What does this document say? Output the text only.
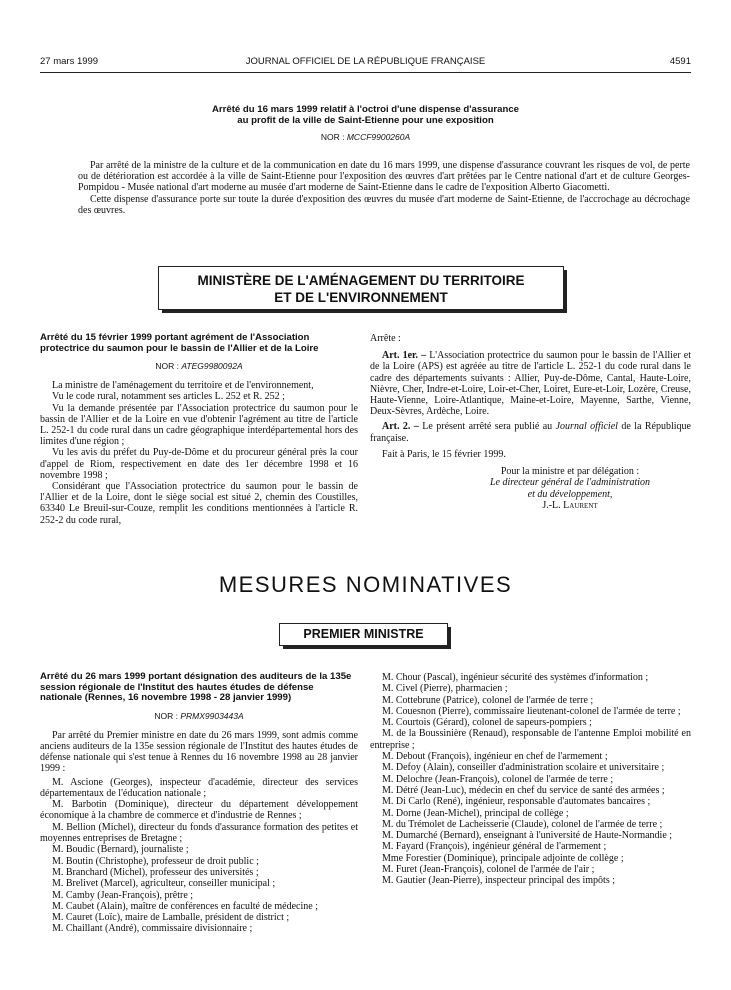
27 mars 1999	JOURNAL OFFICIEL DE LA RÉPUBLIQUE FRANÇAISE	4591
Arrêté du 16 mars 1999 relatif à l'octroi d'une dispense d'assurance
au profit de la ville de Saint-Etienne pour une exposition
NOR : MCCF9900260A

Par arrêté de la ministre de la culture et de la communication en date du 16 mars 1999, une dispense d'assurance couvrant les risques de vol, de perte ou de détérioration est accordée à la ville de Saint-Etienne pour l'exposition des œuvres d'art prêtées par le Centre national d'art et de culture Georges-Pompidou - Musée national d'art moderne au musée d'art moderne de Saint-Etienne dans le cadre de l'exposition Alberto Giacometti.

Cette dispense d'assurance porte sur toute la durée d'exposition des œuvres du musée d'art moderne de Saint-Etienne, de l'accrochage au décrochage des œuvres.

MINISTÈRE DE L'AMÉNAGEMENT DU TERRITOIRE
ET DE L'ENVIRONNEMENT
Arrêté du 15 février 1999 portant agrément de l'Association protectrice du saumon pour le bassin de l'Allier et de la Loire
NOR : ATEG9980092A

La ministre de l'aménagement du territoire et de l'environnement,

Vu le code rural, notamment ses articles L. 252 et R. 252 ;

Vu la demande présentée par l'Association protectrice du saumon pour le bassin de l'Allier et de la Loire en vue d'obtenir l'agrément au titre de l'article L. 252-1 du code rural dans un cadre géographique interdépartemental hors des limites d'une région ;

Vu les avis du préfet du Puy-de-Dôme et du procureur général près la cour d'appel de Riom, respectivement en date des 1er décembre 1998 et 16 novembre 1998 ;

Considérant que l'Association protectrice du saumon pour le bassin de l'Allier et de la Loire, dont le siège social est situé 2, chemin des Coustilles, 63340 Le Breuil-sur-Couze, remplit les conditions mentionnées à l'article R. 252-2 du code rural,

Arrête :

Art. 1er. – L'Association protectrice du saumon pour le bassin de l'Allier et de la Loire (APS) est agréée au titre de l'article L. 252-1 du code rural dans le cadre des départements suivants : Allier, Puy-de-Dôme, Cantal, Haute-Loire, Nièvre, Cher, Indre-et-Loire, Loir-et-Cher, Loiret, Eure-et-Loir, Lozère, Creuse, Haute-Vienne, Loire-Atlantique, Maine-et-Loire, Mayenne, Sarthe, Vienne, Deux-Sèvres, Ardèche, Loire.

Art. 2. – Le présent arrêté sera publié au Journal officiel de la République française.

Fait à Paris, le 15 février 1999.

Pour la ministre et par délégation :
Le directeur général de l'administration
et du développement,
J.-L. Laurent
MESURES NOMINATIVES
PREMIER MINISTRE
Arrêté du 26 mars 1999 portant désignation des auditeurs de la 135e session régionale de l'Institut des hautes études de défense nationale (Rennes, 16 novembre 1998 - 28 janvier 1999)
NOR : PRMX9903443A

Par arrêté du Premier ministre en date du 26 mars 1999, sont admis comme anciens auditeurs de la 135e session régionale de l'Institut des hautes études de défense nationale qui s'est tenue à Rennes du 16 novembre 1998 au 28 janvier 1999 :

M. Ascione (Georges), inspecteur d'académie, directeur des services départementaux de l'éducation nationale ;

M. Barbotin (Dominique), directeur du département développement économique à la chambre de commerce et d'industrie de Rennes ;

M. Bellion (Michel), directeur du fonds d'assurance formation des petites et moyennes entreprises de Bretagne ;

M. Boudic (Bernard), journaliste ;

M. Boutin (Christophe), professeur de droit public ;

M. Branchard (Michel), professeur des universités ;

M. Brelivet (Marcel), agriculteur, conseiller municipal ;

M. Camby (Jean-François), prêtre ;

M. Caubet (Alain), maître de conférences en faculté de médecine ;

M. Cauret (Loïc), maire de Lamballe, président de district ;

M. Chaillant (André), commissaire divisionnaire ;

M. Chour (Pascal), ingénieur sécurité des systèmes d'information ;

M. Civel (Pierre), pharmacien ;

M. Cottebrune (Patrice), colonel de l'armée de terre ;

M. Couesnon (Pierre), commissaire lieutenant-colonel de l'armée de terre ;

M. Courtois (Gérard), colonel de sapeurs-pompiers ;

M. de la Boussinière (Renaud), responsable de l'antenne Emploi mobilité en entreprise ;

M. Debout (François), ingénieur en chef de l'armement ;

M. Defoy (Alain), conseiller d'administration scolaire et universitaire ;

M. Delochre (Jean-François), colonel de l'armée de terre ;

M. Détré (Jean-Luc), médecin en chef du service de santé des armées ;

M. Di Carlo (René), ingénieur, responsable d'automates bancaires ;

M. Dorne (Jean-Michel), principal de collège ;

M. du Trémolet de Lacheisserie (Claude), colonel de l'armée de terre ;

M. Dumarché (Bernard), enseignant à l'université de Haute-Normandie ;

M. Fayard (François), ingénieur général de l'armement ;

Mme Forestier (Dominique), principale adjointe de collège ;

M. Furet (Jean-François), colonel de l'armée de l'air ;

M. Gautier (Jean-Pierre), inspecteur principal des impôts ;
